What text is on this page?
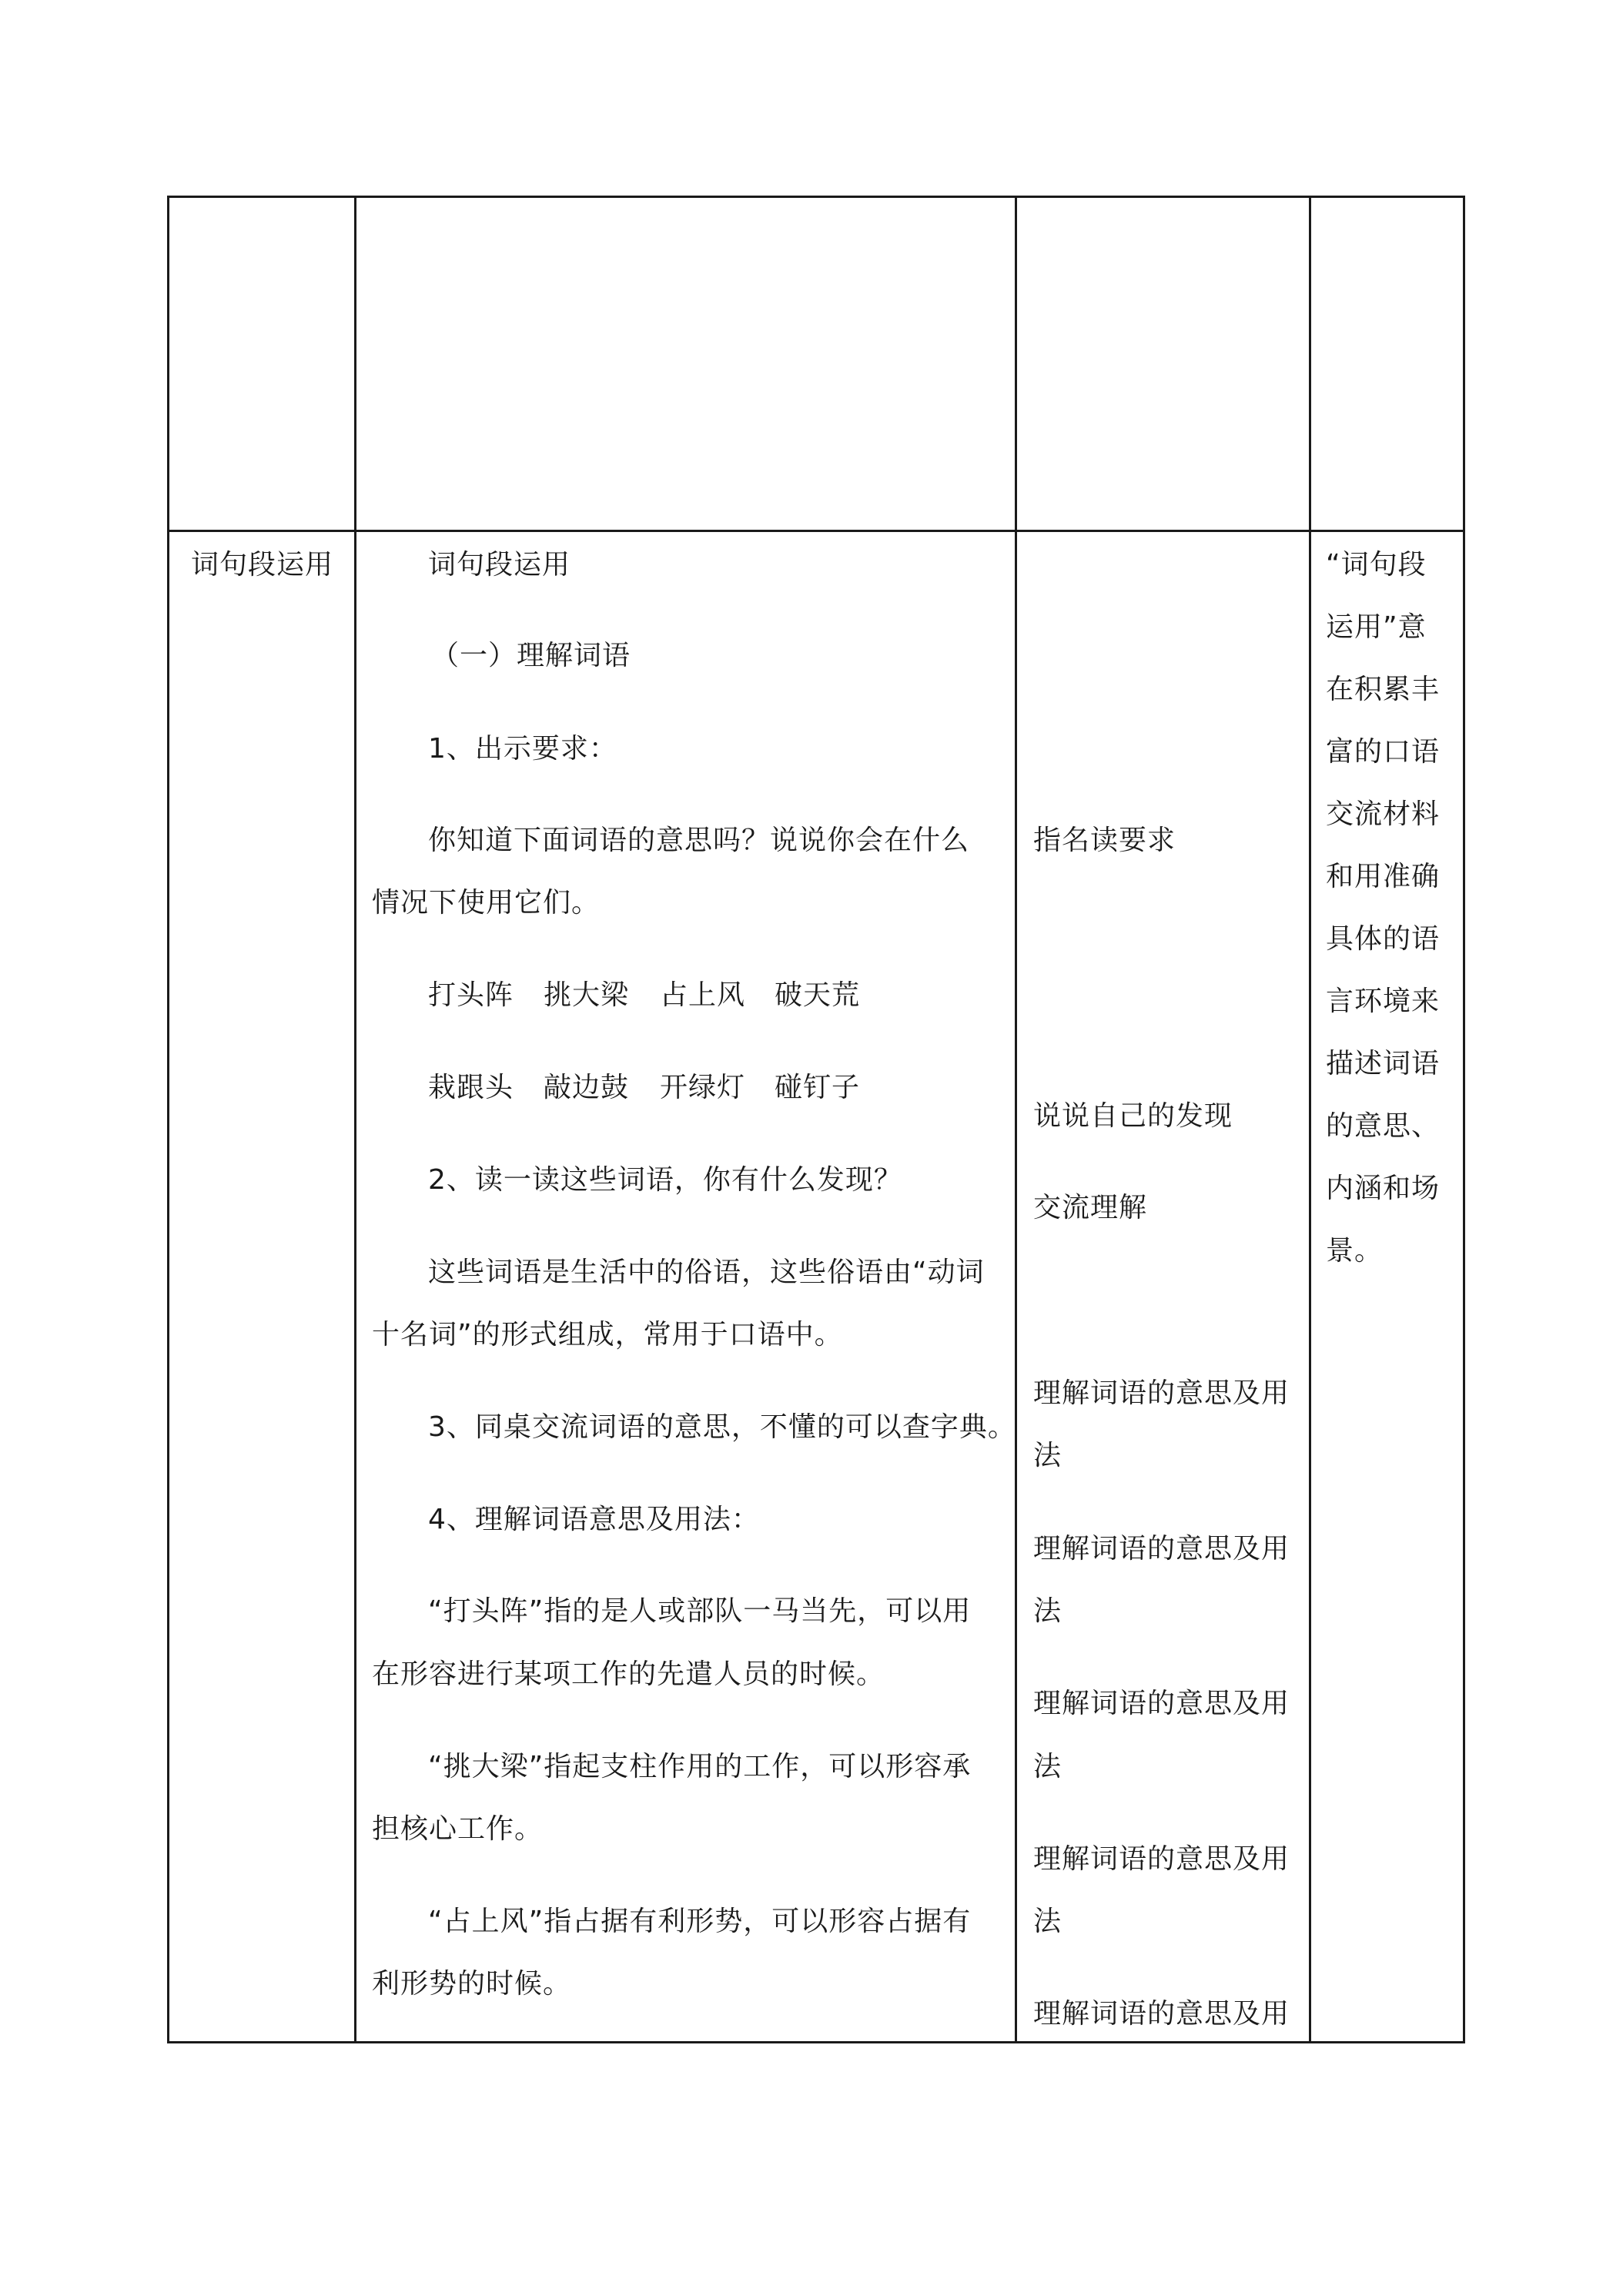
词句段运用	词句段运用
（一）理解词语
1、出示要求：
你知道下面词语的意思吗？说说你会在什么
情况下使用它们。
打头阵 挑大梁 占上风 破天荒
栽跟头 敲边鼓 开绿灯 碰钉子
2、读一读这些词语，你有什么发现？
这些词语是生活中的俗语，这些俗语由“动词
十名词”的形式组成，常用于口语中。
3、同桌交流词语的意思，不懂的可以查字典。
4、理解词语意思及用法：
“打头阵”指的是人或部队一马当先，可以用
在形容进行某项工作的先遣人员的时候。
“挑大梁”指起支柱作用的工作，可以形容承
担核心工作。
“占上风”指占据有利形势，可以形容占据有
利形势的时候。
指名读要求
说说自己的发现
交流理解
理解词语的意思及用
法
理解词语的意思及用
法
理解词语的意思及用
法
理解词语的意思及用
法
理解词语的意思及用
“词句段
运用”意
在积累丰
富的口语
交流材料
和用准确
具体的语
言环境来
描述词语
的意思、
内涵和场
景。
